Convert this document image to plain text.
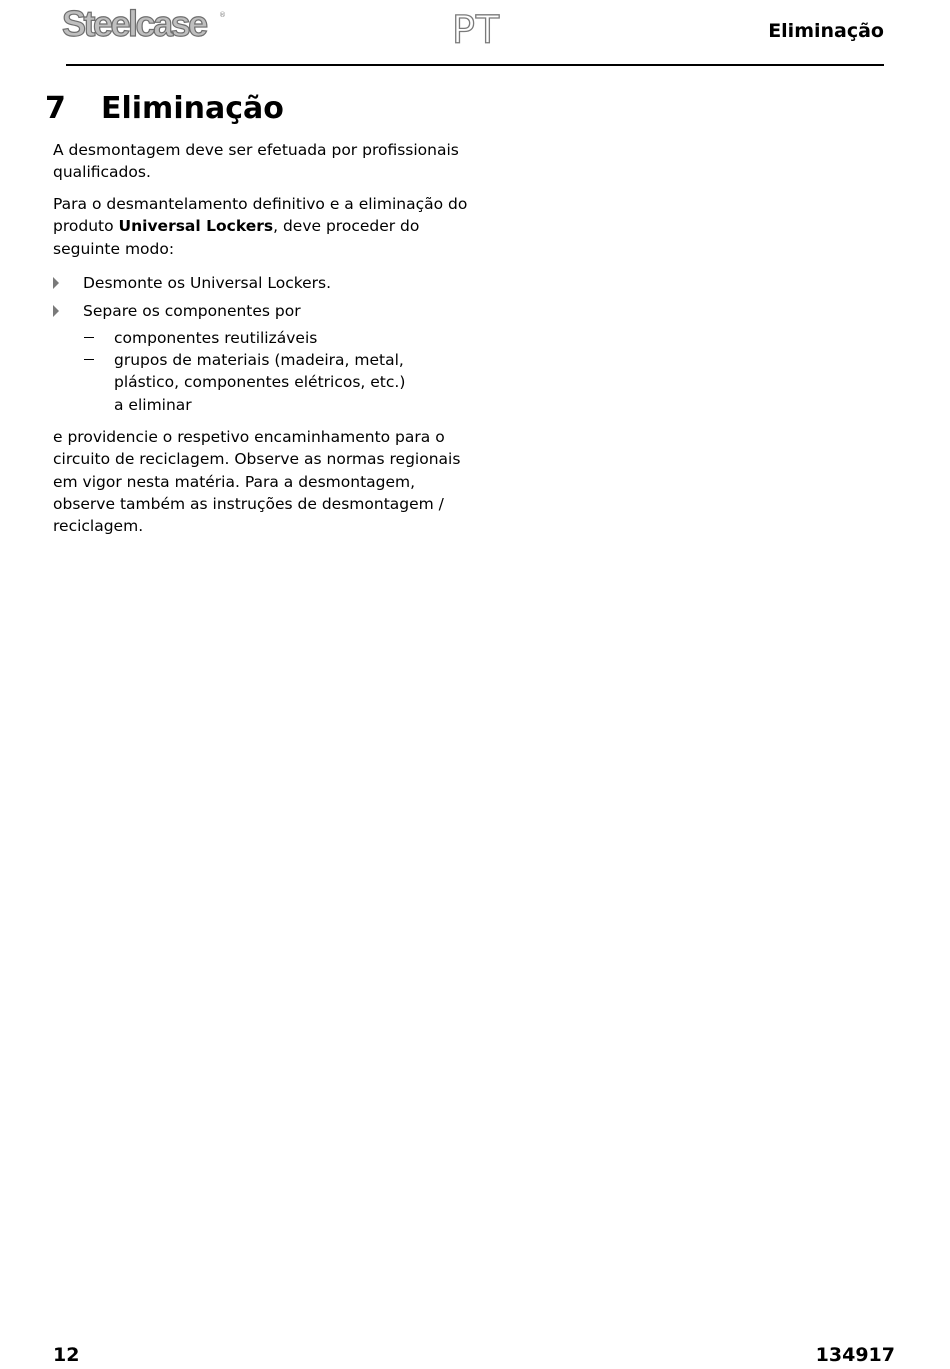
Steelcase ®	PT	Eliminação
7 Eliminação

A desmontagem deve ser efetuada por profissionais qualificados.

Para o desmantelamento definitivo e a eliminação do produto Universal Lockers, deve proceder do seguinte modo:

Desmonte os Universal Lockers.
Separe os componentes por
componentes reutilizáveis
grupos de materiais (madeira, metal, plástico, componentes elétricos, etc.) a eliminar

e providencie o respetivo encaminhamento para o circuito de reciclagem. Observe as normas regionais em vigor nesta matéria. Para a desmontagem, observe também as instruções de desmontagem / reciclagem.

12	134917
